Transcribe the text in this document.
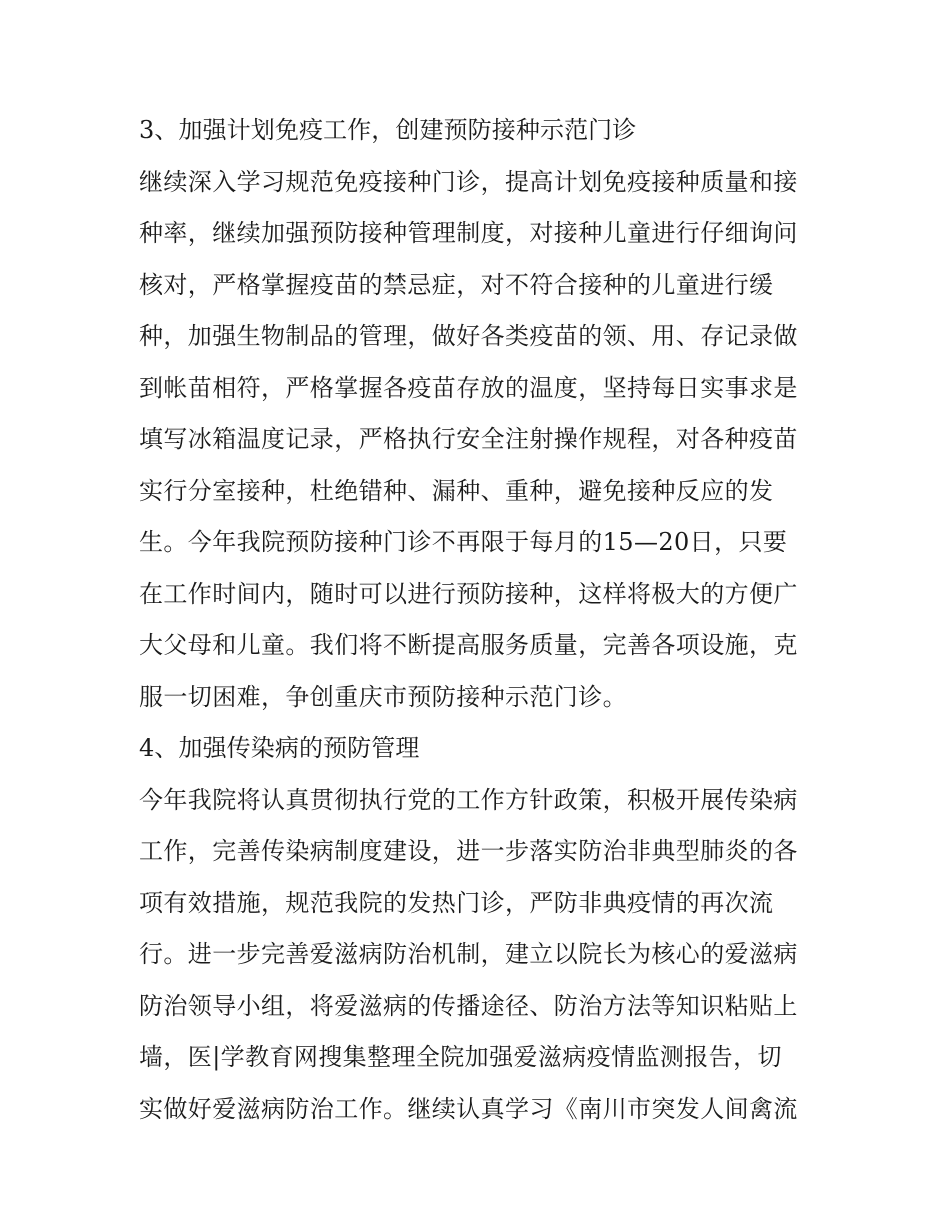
3、加强计划免疫工作，创建预防接种示范门诊
继续深入学习规范免疫接种门诊，提高计划免疫接种质量和接
种率，继续加强预防接种管理制度，对接种儿童进行仔细询问
核对，严格掌握疫苗的禁忌症，对不符合接种的儿童进行缓
种，加强生物制品的管理，做好各类疫苗的领、用、存记录做
到帐苗相符，严格掌握各疫苗存放的温度，坚持每日实事求是
填写冰箱温度记录，严格执行安全注射操作规程，对各种疫苗
实行分室接种，杜绝错种、漏种、重种，避免接种反应的发
生。今年我院预防接种门诊不再限于每月的15—20日，只要
在工作时间内，随时可以进行预防接种，这样将极大的方便广
大父母和儿童。我们将不断提高服务质量，完善各项设施，克
服一切困难，争创重庆市预防接种示范门诊。
4、加强传染病的预防管理
今年我院将认真贯彻执行党的工作方针政策，积极开展传染病
工作，完善传染病制度建设，进一步落实防治非典型肺炎的各
项有效措施，规范我院的发热门诊，严防非典疫情的再次流
行。进一步完善爱滋病防治机制，建立以院长为核心的爱滋病
防治领导小组，将爱滋病的传播途径、防治方法等知识粘贴上
墙，医|学教育网搜集整理全院加强爱滋病疫情监测报告，切
实做好爱滋病防治工作。继续认真学习《南川市突发人间禽流
